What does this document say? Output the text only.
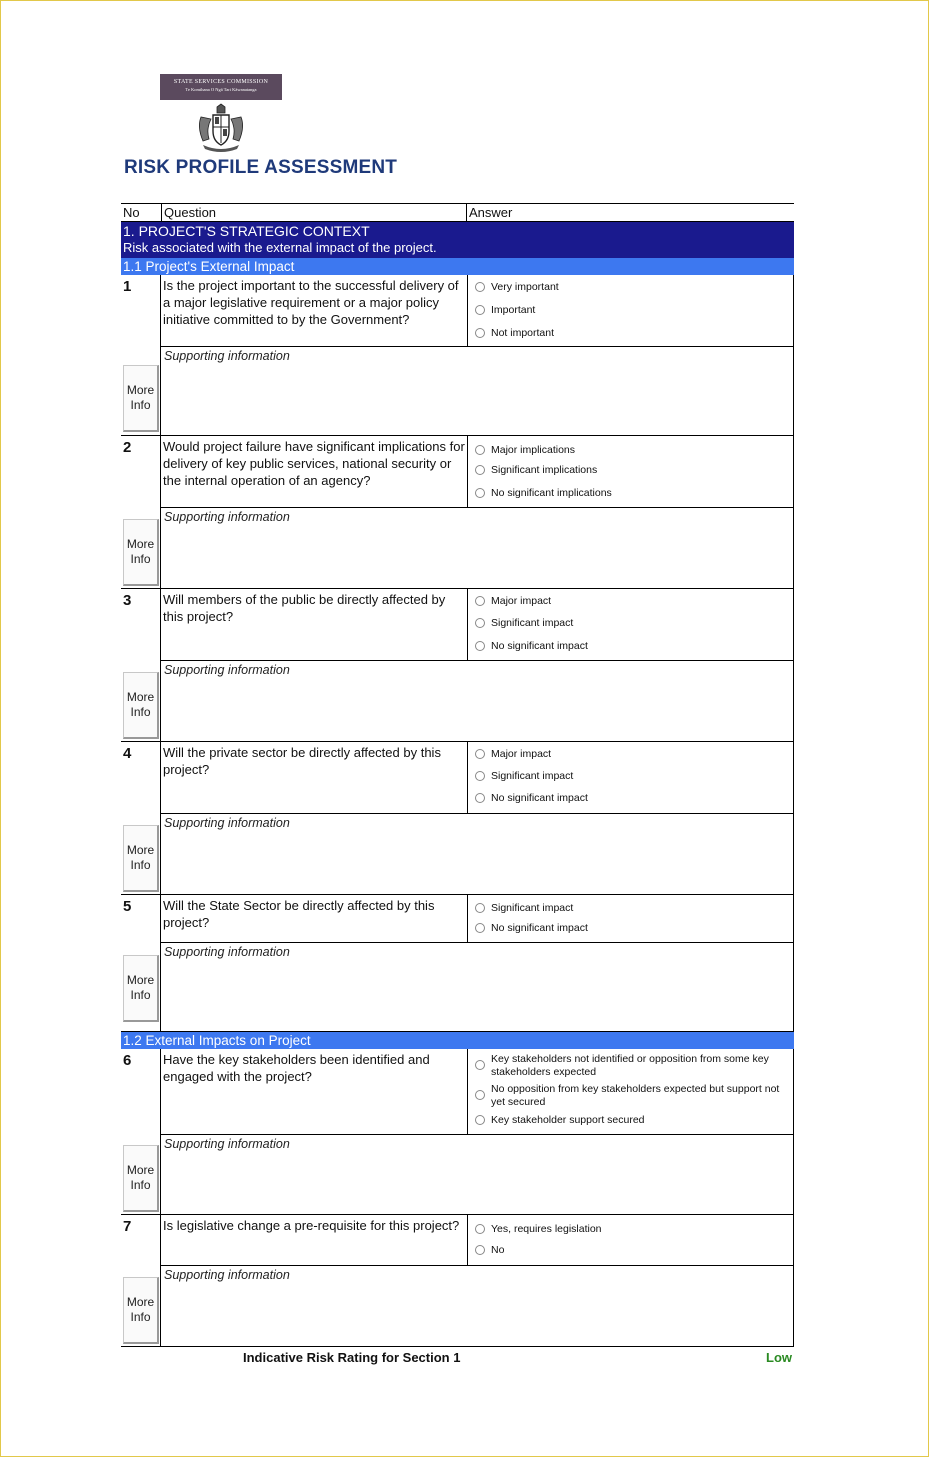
STATE SERVICES COMMISSION
Te Komihana O Ngā Tari Kāwanatanga
RISK PROFILE ASSESSMENT
No Question	Answer
1. PROJECT'S STRATEGIC CONTEXT
Risk associated with the external impact of the project.
1.1 Project's External Impact
1 Is the project important to the successful delivery of a major legislative requirement or a major policy initiative committed to by the Government?
Very important
Important
Not important
Supporting information
More
Info
2 Would project failure have significant implications for delivery of key public services, national security or the internal operation of an agency?
Major implications
Significant implications
No significant implications
Supporting information
More
Info
3 Will members of the public be directly affected by this project?
Major impact
Significant impact
No significant impact
Supporting information
More
Info
4 Will the private sector be directly affected by this project?
Major impact
Significant impact
No significant impact
Supporting information
More
Info
5 Will the State Sector be directly affected by this project?
Significant impact
No significant impact
Supporting information
More
Info
1.2 External Impacts on Project
6 Have the key stakeholders been identified and engaged with the project?
Key stakeholders not identified or opposition from some key stakeholders expected
No opposition from key stakeholders expected but support not yet secured
Key stakeholder support secured
Supporting information
More
Info
7 Is legislative change a pre-requisite for this project?	Yes, requires legislation
No
Supporting information
More
Info
Indicative Risk Rating for Section 1	Low
